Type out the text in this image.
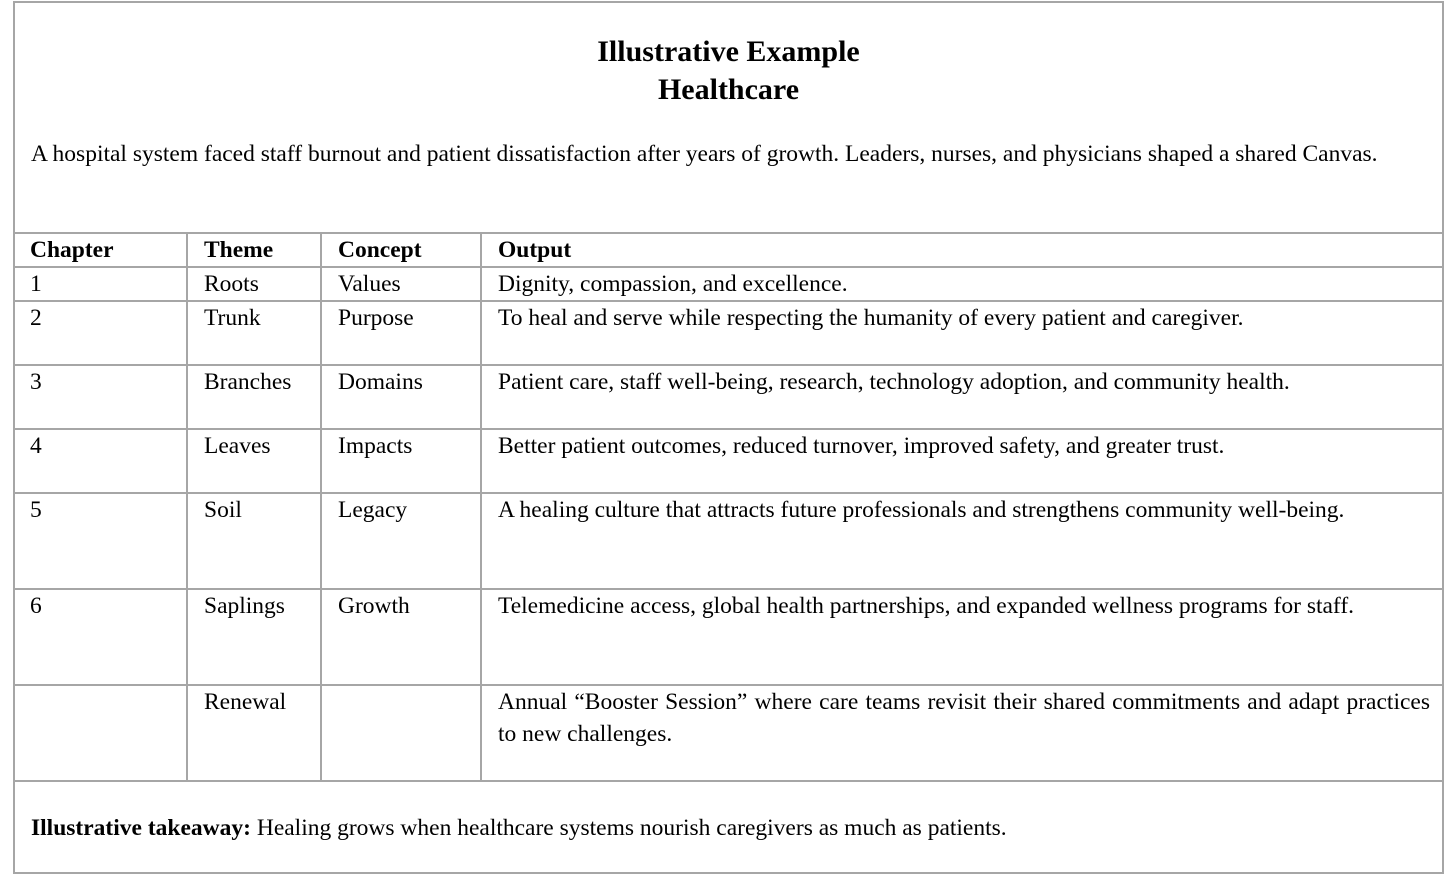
Illustrative Example
Healthcare
A hospital system faced staff burnout and patient dissatisfaction after years of growth. Leaders, nurses, and physicians shaped a shared Canvas.
Chapter	Theme	Concept	Output
1	Roots	Values	Dignity, compassion, and excellence.
2	Trunk	Purpose	To heal and serve while respecting the humanity of every patient and caregiver.
3	Branches	Domains	Patient care, staff well-being, research, technology adoption, and community health.
4	Leaves	Impacts	Better patient outcomes, reduced turnover, improved safety, and greater trust.
5	Soil	Legacy	A healing culture that attracts future professionals and strengthens community well-being.
6	Saplings	Growth	Telemedicine access, global health partnerships, and expanded wellness programs for staff.
	Renewal		Annual “Booster Session” where care teams revisit their shared commitments and adapt practices to new challenges.
Illustrative takeaway: Healing grows when healthcare systems nourish caregivers as much as patients.
